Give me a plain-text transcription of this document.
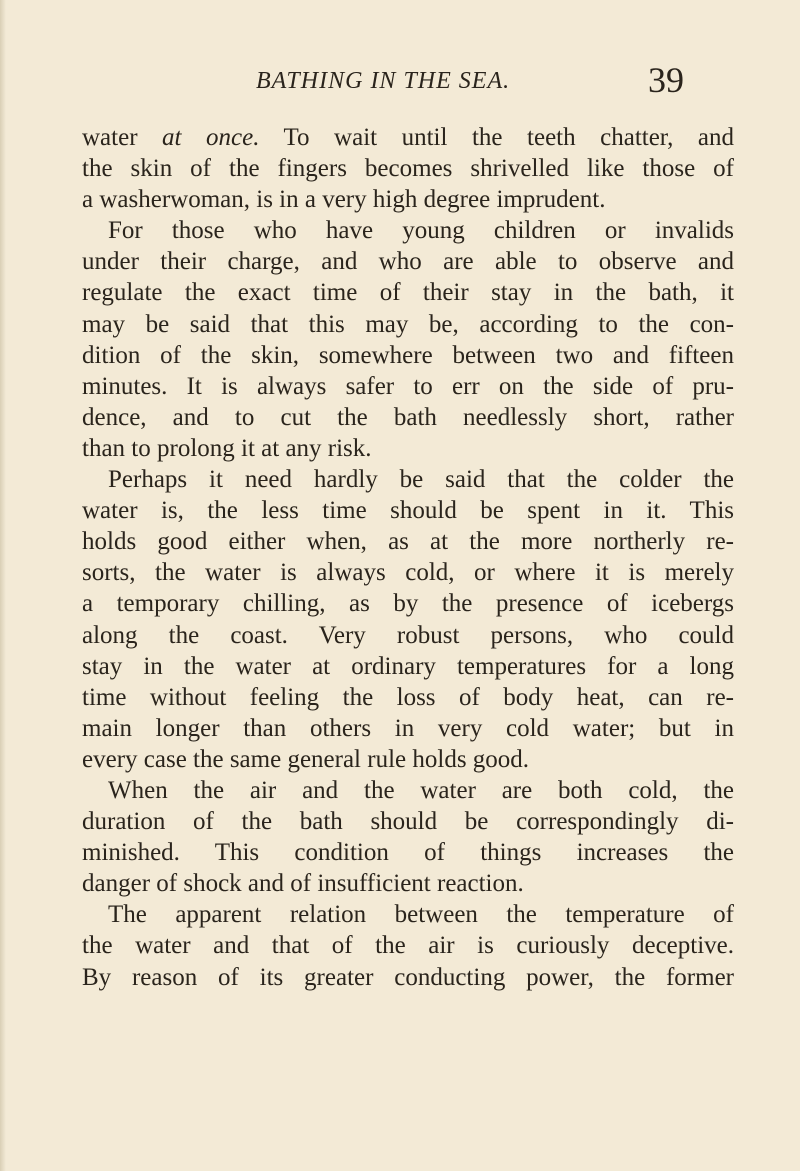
BATHING IN THE SEA.	39
water at once. To wait until the teeth chatter, and
the skin of the fingers becomes shrivelled like those of
a washerwoman, is in a very high degree imprudent.
For those who have young children or invalids
under their charge, and who are able to observe and
regulate the exact time of their stay in the bath, it
may be said that this may be, according to the con-
dition of the skin, somewhere between two and fifteen
minutes. It is always safer to err on the side of pru-
dence, and to cut the bath needlessly short, rather
than to prolong it at any risk.
Perhaps it need hardly be said that the colder the
water is, the less time should be spent in it. This
holds good either when, as at the more northerly re-
sorts, the water is always cold, or where it is merely
a temporary chilling, as by the presence of icebergs
along the coast. Very robust persons, who could
stay in the water at ordinary temperatures for a long
time without feeling the loss of body heat, can re-
main longer than others in very cold water; but in
every case the same general rule holds good.
When the air and the water are both cold, the
duration of the bath should be correspondingly di-
minished. This condition of things increases the
danger of shock and of insufficient reaction.
The apparent relation between the temperature of
the water and that of the air is curiously deceptive.
By reason of its greater conducting power, the former
